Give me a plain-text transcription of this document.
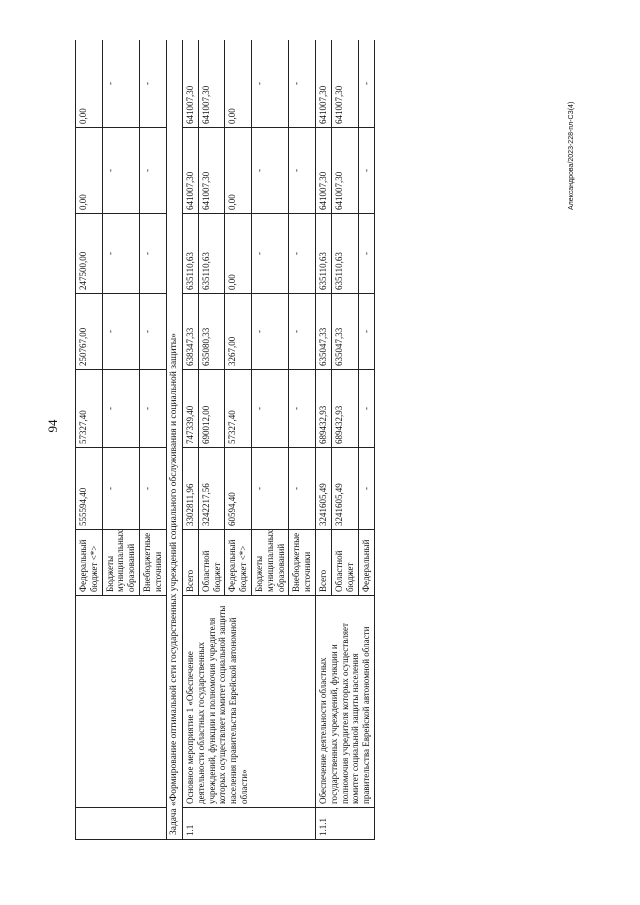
94
Александрова/2023-228-пл-СЗ(4)
		Федеральный бюджет <*>	555594,40	57327,40	250767,00	247500,00	0,00	0,00
		Бюджеты муниципальных образований	-	-	-	-	-	-
		Внебюджетные источники	-	-	-	-	-	-
Задача «Формирование оптимальной сети государственных учреждений социального обслуживания и социальной защиты»								
1.1	Основное мероприятие 1 «Обеспечение деятельности областных государственных учреждений, функции и полномочия учредителя которых осуществляет комитет социальной защиты населения правительства Еврейской автономной области»	Всего	3302811,96	747339,40	638347,33	635110,63	641007,30	641007,30
		Областной бюджет	3242217,56	690012,00	635080,33	635110,63	641007,30	641007,30
		Федеральный бюджет <*>	60594,40	57327,40	3267,00	0,00	0,00	0,00
		Бюджеты муниципальных образований	-	-	-	-	-	-
		Внебюджетные источники	-	-	-	-	-	-
1.1.1	Обеспечение деятельности областных государственных учреждений, функции и полномочия учредителя которых осуществляет комитет социальной защиты населения правительства Еврейской автономной области	Всего	3241605,49	689432,93	635047,33	635110,63	641007,30	641007,30
		Областной бюджет	3241605,49	689432,93	635047,33	635110,63	641007,30	641007,30
		Федеральный	-	-	-	-	-	-
